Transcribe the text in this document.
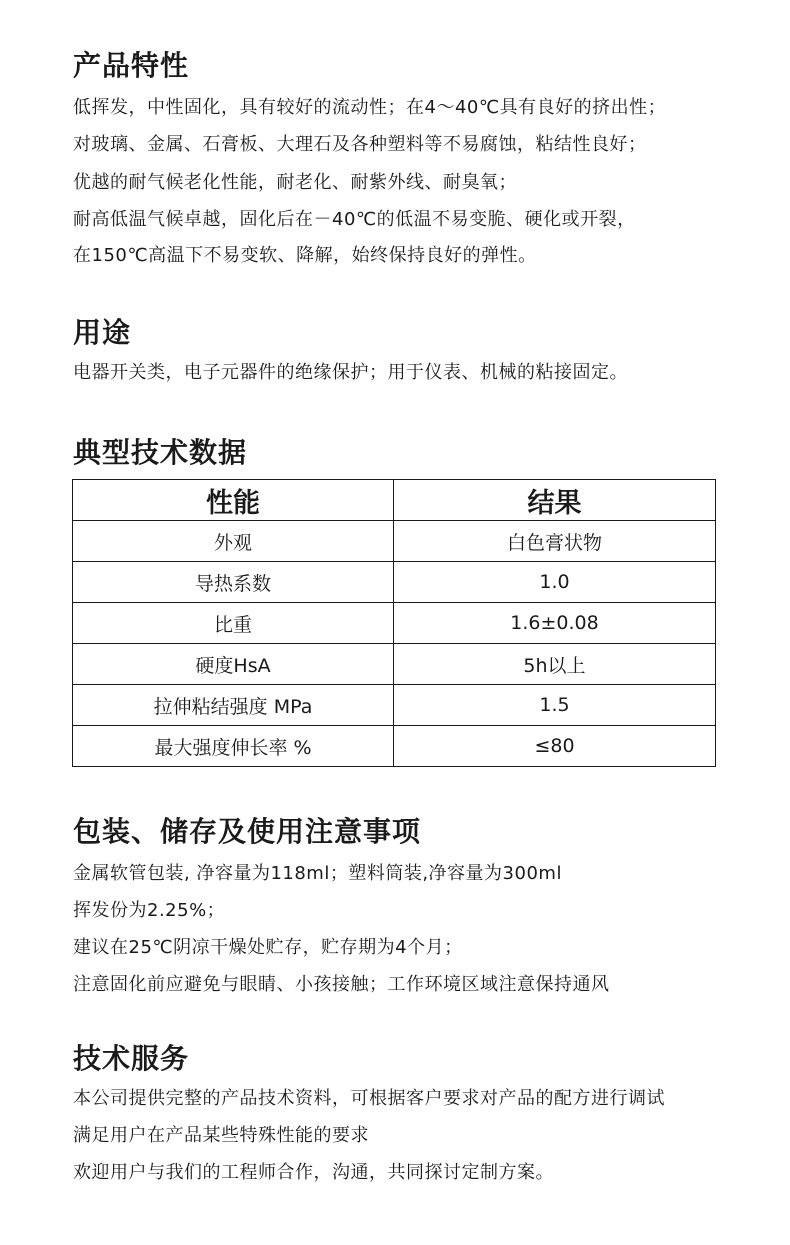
产品特性
低挥发，中性固化，具有较好的流动性；在4～40℃具有良好的挤出性；
对玻璃、金属、石膏板、大理石及各种塑料等不易腐蚀，粘结性良好；
优越的耐气候老化性能，耐老化、耐紫外线、耐臭氧；
耐高低温气候卓越，固化后在－40℃的低温不易变脆、硬化或开裂，
在150℃高温下不易变软、降解，始终保持良好的弹性。
用途
电器开关类，电子元器件的绝缘保护；用于仪表、机械的粘接固定。
典型技术数据
性能	结果
外观	白色膏状物
导热系数	1.0
比重	1.6±0.08
硬度HsA	5h以上
拉伸粘结强度 MPa	1.5
最大强度伸长率 %	≤80
包装、储存及使用注意事项
金属软管包装, 净容量为118ml；塑料筒装,净容量为300ml
挥发份为2.25%；
建议在25℃阴凉干燥处贮存，贮存期为4个月；
注意固化前应避免与眼睛、小孩接触；工作环境区域注意保持通风
技术服务
本公司提供完整的产品技术资料，可根据客户要求对产品的配方进行调试
满足用户在产品某些特殊性能的要求
欢迎用户与我们的工程师合作，沟通，共同探讨定制方案。
